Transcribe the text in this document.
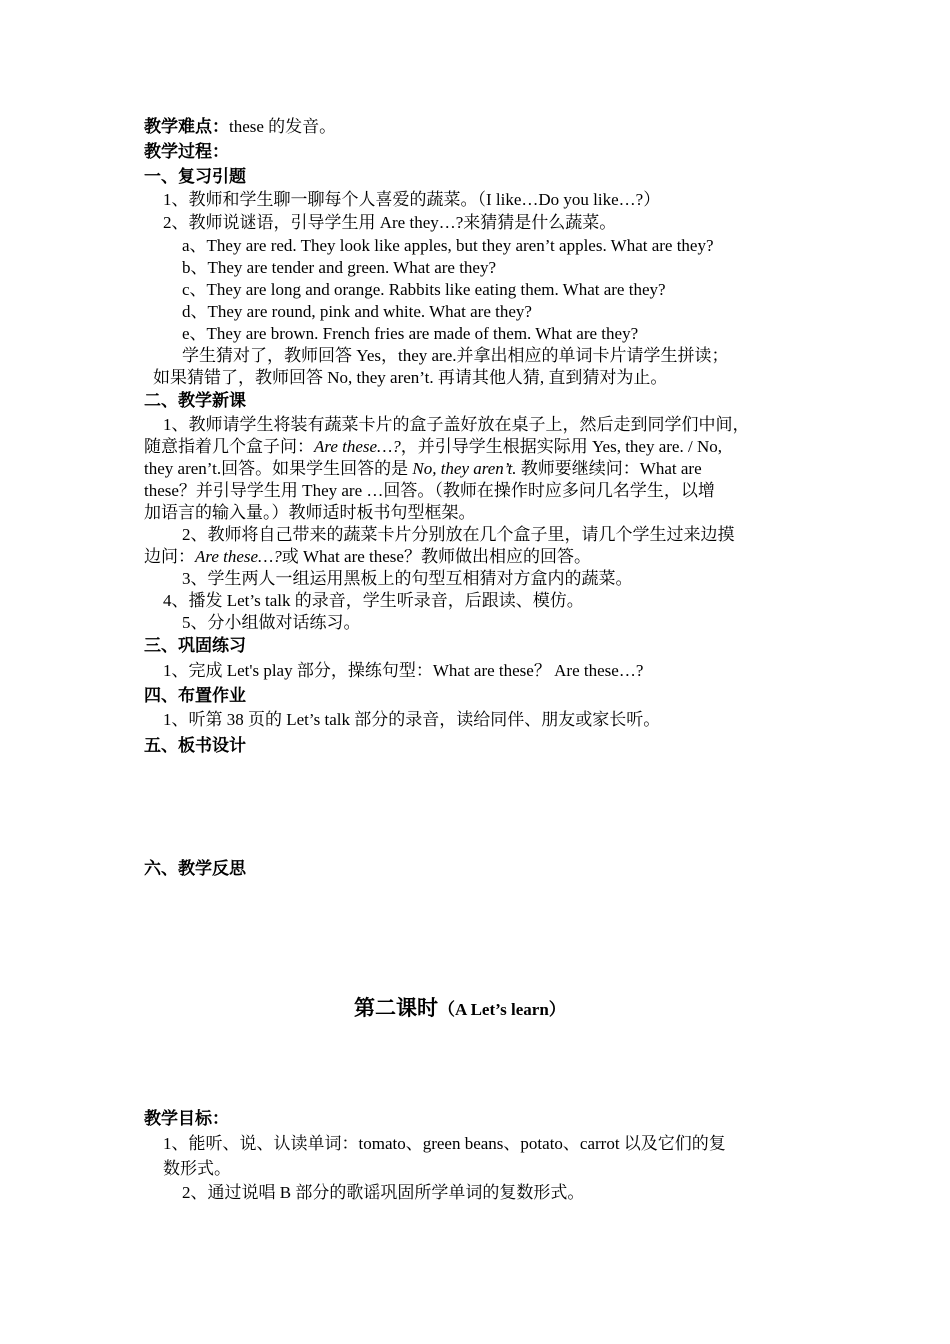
教学难点：these 的发音。
教学过程：
一、复习引题
1、教师和学生聊一聊每个人喜爱的蔬菜。（I like…Do you like…?）
2、教师说谜语，引导学生用 Are they…?来猜猜是什么蔬菜。
a、They are red. They look like apples, but they aren’t apples. What are they?
b、They are tender and green. What are they?
c、They are long and orange. Rabbits like eating them. What are they?
d、They are round, pink and white. What are they?
e、They are brown. French fries are made of them. What are they?
学生猜对了，教师回答 Yes，they are.并拿出相应的单词卡片请学生拼读；
如果猜错了，教师回答 No, they aren’t. 再请其他人猜, 直到猜对为止。
二、教学新课
1、教师请学生将装有蔬菜卡片的盒子盖好放在桌子上，然后走到同学们中间，
随意指着几个盒子问：Are these…?，并引导学生根据实际用 Yes, they are. / No,
they aren’t.回答。如果学生回答的是 No, they aren’t. 教师要继续问：What are
these？并引导学生用 They are …回答。（教师在操作时应多问几名学生，以增
加语言的输入量。）教师适时板书句型框架。
2、教师将自己带来的蔬菜卡片分别放在几个盒子里，请几个学生过来边摸
边问：Are these…?或 What are these？教师做出相应的回答。
3、学生两人一组运用黑板上的句型互相猜对方盒内的蔬菜。
4、播发 Let’s talk 的录音，学生听录音，后跟读、模仿。
5、分小组做对话练习。
三、巩固练习
1、完成 Let's play 部分，操练句型：What are these？ Are these…?
四、布置作业
1、听第 38 页的 Let’s talk 部分的录音，读给同伴、朋友或家长听。
五、板书设计
六、教学反思
第二课时（A Let’s learn）
教学目标：
1、能听、说、认读单词：tomato、green beans、potato、carrot 以及它们的复
数形式。
2、通过说唱 B 部分的歌谣巩固所学单词的复数形式。
